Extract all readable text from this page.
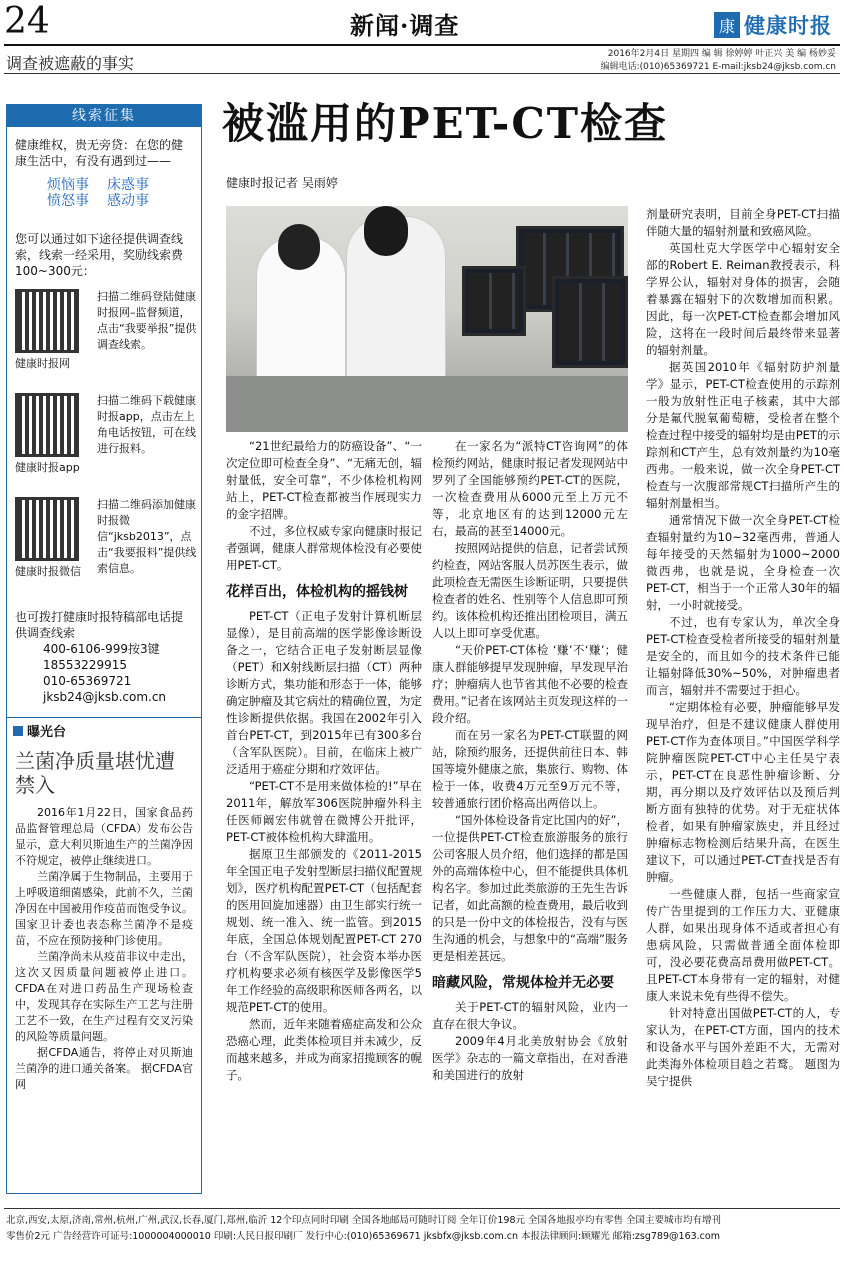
24	新闻·调查	康 健康时报
调查被遮蔽的事实	2016年2月4日 星期四 编 辑 徐婷婷 叶正兴 美 编 杨妙妥
编辑电话:(010)65369721 E-mail:jksb24@jksb.com.cn
线索征集
健康维权，贵无旁贷：在您的健康生活中，有没有遇到过——
烦恼事	床惑事
愤怒事	感动事
您可以通过如下途径提供调查线索，线索一经采用，奖励线索费100~300元：
健康时报网
扫描二维码登陆健康时报网–监督频道，点击“我要举报”提供调查线索。
健康时报app
扫描二维码下载健康时报app，点击左上角电话按钮，可在线进行报料。
健康时报微信
扫描二维码添加健康时报微信“jksb2013”，点击“我要报料”提供线索信息。
也可拨打健康时报特稿部电话提供调查线索
400-6106-999按3键
18553229915
010-65369721
jksb24@jksb.com.cn
曝光台
兰菌净质量堪忧遭禁入

2016年1月22日，国家食品药品监督管理总局（CFDA）发布公告显示，意大利贝斯迪生产的兰菌净因不符规定，被停止继续进口。

兰菌净属于生物制品，主要用于上呼吸道细菌感染，此前不久，兰菌净因在中国被用作疫苗而饱受争议。国家卫计委也表态称兰菌净不是疫苗，不应在预防接种门诊使用。

兰菌净尚未从疫苗非议中走出，这次又因质量问题被停止进口。CFDA在对进口药品生产现场检查中，发现其存在实际生产工艺与注册工艺不一致，在生产过程有交叉污染的风险等质量问题。

据CFDA通告，将停止对贝斯迪兰菌净的进口通关备案。 据CFDA官网

被滥用的PET-CT检查
健康时报记者 吴雨婷

“21世纪最给力的防癌设备”、“一次定位即可检查全身”、“无痛无创，辐射量低，安全可靠”，不少体检机构网站上，PET-CT检查都被当作展现实力的金字招牌。

不过，多位权威专家向健康时报记者强调，健康人群常规体检没有必要使用PET-CT。

花样百出，体检机构的摇钱树

PET-CT（正电子发射计算机断层显像），是目前高端的医学影像诊断设备之一，它结合正电子发射断层显像（PET）和X射线断层扫描（CT）两种诊断方式，集功能和形态于一体，能够确定肿瘤及其它病灶的精确位置，为定性诊断提供依据。我国在2002年引入首台PET-CT，到2015年已有300多台（含军队医院）。目前，在临床上被广泛适用于癌症分期和疗效评估。

“PET-CT不是用来做体检的!”早在2011年，解放军306医院肿瘤外科主任医师阚宏伟就曾在微博公开批评，PET-CT被体检机构大肆滥用。

据原卫生部颁发的《2011-2015年全国正电子发射型断层扫描仪配置规划》，医疗机构配置PET-CT（包括配套的医用回旋加速器）由卫生部实行统一规划、统一准入、统一监管。到2015年底，全国总体规划配置PET-CT 270台（不含军队医院），社会资本举办医疗机构要求必须有核医学及影像医学5年工作经验的高级职称医师各两名，以规范PET-CT的使用。

然而，近年来随着癌症高发和公众恐癌心理，此类体检项目并未减少，反而越来越多，并成为商家招揽顾客的幌子。

在一家名为“派特CT咨询网”的体检预约网站，健康时报记者发现网站中罗列了全国能够预约PET-CT的医院，一次检查费用从6000元至上万元不等，北京地区有的达到12000元左右，最高的甚至14000元。

按照网站提供的信息，记者尝试预约检查，网站客服人员苏医生表示，做此项检查无需医生诊断证明，只要提供检查者的姓名、性别等个人信息即可预约。该体检机构还推出团检项目，满五人以上即可享受优惠。

“天价PET-CT体检 ‘赚’不‘赚’；健康人群能够提早发现肿瘤，早发现早治疗；肿瘤病人也节省其他不必要的检查费用。”记者在该网站主页发现这样的一段介绍。

而在另一家名为PET-CT联盟的网站，除预约服务，还提供前往日本、韩国等境外健康之旅，集旅行、购物、体检于一体，收费4万元至9万元不等，较普通旅行团价格高出两倍以上。

“国外体检设备肯定比国内的好”，一位提供PET-CT检查旅游服务的旅行公司客服人员介绍，他们选择的都是国外的高端体检中心，但不能提供具体机构名字。参加过此类旅游的王先生告诉记者，如此高额的检查费用，最后收到的只是一份中文的体检报告，没有与医生沟通的机会，与想象中的“高端”服务更是相差甚远。

暗藏风险，常规体检并无必要

关于PET-CT的辐射风险，业内一直存在很大争议。

2009年4月北美放射协会《放射医学》杂志的一篇文章指出，在对香港和美国进行的放射

剂量研究表明，目前全身PET-CT扫描伴随大量的辐射剂量和致癌风险。

英国杜克大学医学中心辐射安全部的Robert E. Reiman教授表示，科学界公认，辐射对身体的损害，会随着暴露在辐射下的次数增加而积累。因此，每一次PET-CT检查都会增加风险，这将在一段时间后最终带来显著的辐射剂量。

据英国2010年《辐射防护剂量学》显示，PET-CT检查使用的示踪剂一般为放射性正电子核素，其中大部分是氟代脱氧葡萄糖，受检者在整个检查过程中接受的辐射均是由PET的示踪剂和CT产生，总有效剂量约为10毫西弗。一般来说，做一次全身PET-CT检查与一次腹部常规CT扫描所产生的辐射剂量相当。

通常情况下做一次全身PET-CT检查辐射量约为10~32毫西弗，普通人每年接受的天然辐射为1000~2000微西弗，也就是说，全身检查一次PET-CT，相当于一个正常人30年的辐射，一小时就接受。

不过，也有专家认为，单次全身PET-CT检查受检者所接受的辐射剂量是安全的，而且如今的技术条件已能让辐射降低30%~50%，对肿瘤患者而言，辐射并不需要过于担心。

“定期体检有必要，肿瘤能够早发现早治疗，但是不建议健康人群使用PET-CT作为查体项目。”中国医学科学院肿瘤医院PET-CT中心主任吴宁表示，PET-CT在良恶性肿瘤诊断、分期，再分期以及疗效评估以及预后判断方面有独特的优势。对于无症状体检者，如果有肿瘤家族史，并且经过肿瘤标志物检测后结果升高，在医生建议下，可以通过PET-CT查找是否有肿瘤。

一些健康人群，包括一些商家宣传广告里提到的工作压力大、亚健康人群，如果出现身体不适或者担心有患病风险，只需做普通全面体检即可，没必要花费高昂费用做PET-CT。且PET-CT本身带有一定的辐射，对健康人来说未免有些得不偿失。

针对特意出国做PET-CT的人，专家认为，在PET-CT方面，国内的技术和设备水平与国外差距不大，无需对此类海外体检项目趋之若鹜。 题图为吴宁提供

北京,西安,太原,济南,常州,杭州,广州,武汉,长春,厦门,郑州,临沂 12个印点同时印刷 全国各地邮局可随时订阅 全年订价198元 全国各地报亭均有零售 全国主要城市均有增刊
零售价2元 广告经营许可证号:1000004000010 印刷:人民日报印刷厂 发行中心:(010)65369671 jksbfx@jksb.com.cn 本报法律顾问:顾耀光 邮箱:zsg789@163.com
